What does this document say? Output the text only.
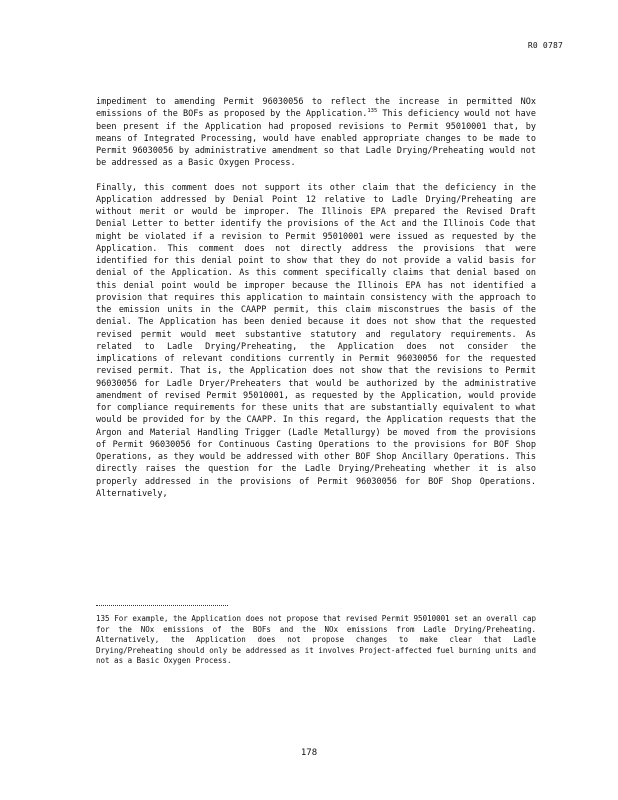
R0 0787

impediment to amending Permit 96030056 to reflect the increase in permitted NOx emissions of the BOFs as proposed by the Application.$^{135}$ This deficiency would not have been present if the Application had proposed revisions to Permit 95010001 that, by means of Integrated Processing, would have enabled appropriate changes to be made to Permit 96030056 by administrative amendment so that Ladle Drying/Preheating would not be addressed as a Basic Oxygen Process.

Finally, this comment does not support its other claim that the deficiency in the Application addressed by Denial Point 12 relative to Ladle Drying/Preheating are without merit or would be improper. The Illinois EPA prepared the Revised Draft Denial Letter to better identify the provisions of the Act and the Illinois Code that might be violated if a revision to Permit 95010001 were issued as requested by the Application. This comment does not directly address the provisions that were identified for this denial point to show that they do not provide a valid basis for denial of the Application. As this comment specifically claims that denial based on this denial point would be improper because the Illinois EPA has not identified a provision that requires this application to maintain consistency with the approach to the emission units in the CAAPP permit, this claim misconstrues the basis of the denial. The Application has been denied because it does not show that the requested revised permit would meet substantive statutory and regulatory requirements. As related to Ladle Drying/Preheating, the Application does not consider the implications of relevant conditions currently in Permit 96030056 for the requested revised permit. That is, the Application does not show that the revisions to Permit 96030056 for Ladle Dryer/Preheaters that would be authorized by the administrative amendment of revised Permit 95010001, as requested by the Application, would provide for compliance requirements for these units that are substantially equivalent to what would be provided for by the CAAPP. In this regard, the Application requests that the Argon and Material Handling Trigger (Ladle Metallurgy) be moved from the provisions of Permit 96030056 for Continuous Casting Operations to the provisions for BOF Shop Operations, as they would be addressed with other BOF Shop Ancillary Operations. This directly raises the question for the Ladle Drying/Preheating whether it is also properly addressed in the provisions of Permit 96030056 for BOF Shop Operations. Alternatively,

135 For example, the Application does not propose that revised Permit 95010001 set an overall cap for the NOx emissions of the BOFs and the NOx emissions from Ladle Drying/Preheating. Alternatively, the Application does not propose changes to make clear that Ladle Drying/Preheating should only be addressed as it involves Project-affected fuel burning units and not as a Basic Oxygen Process.

178
